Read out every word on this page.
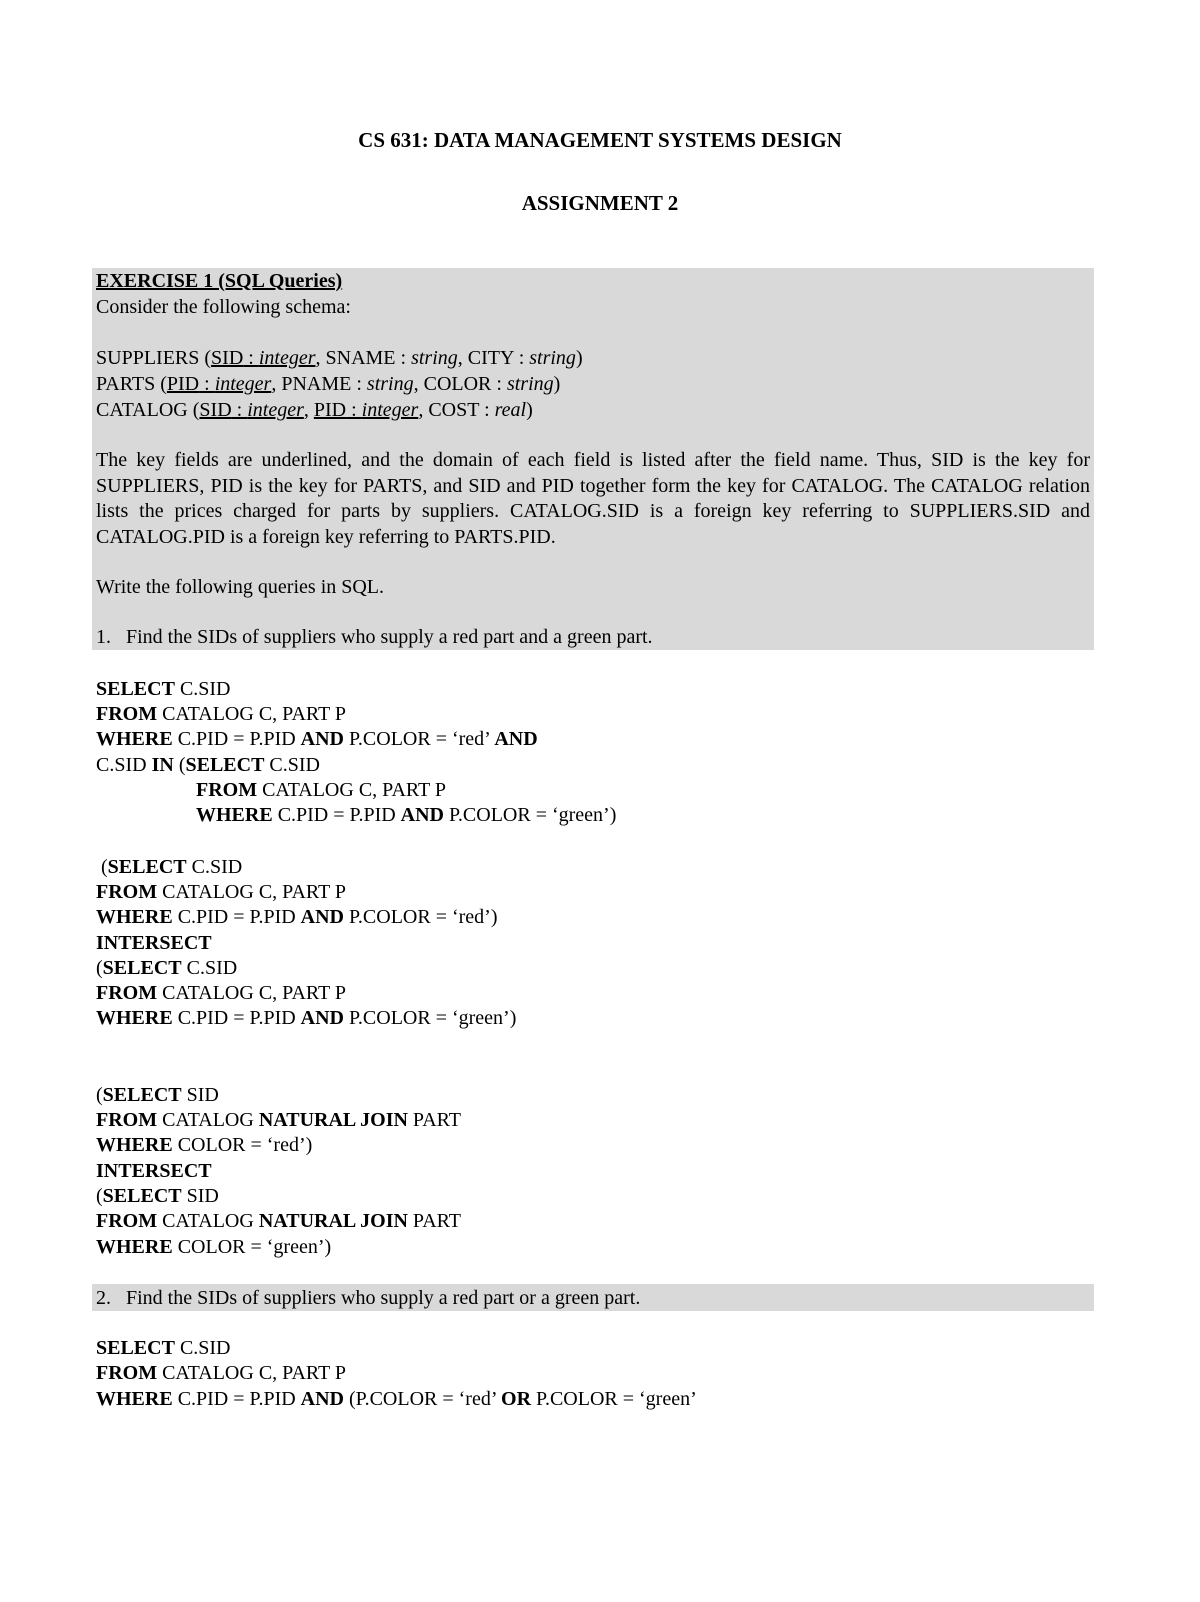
CS 631: DATA MANAGEMENT SYSTEMS DESIGN
ASSIGNMENT 2
EXERCISE 1 (SQL Queries)
Consider the following schema:
SUPPLIERS (SID : integer, SNAME : string, CITY : string)
PARTS (PID : integer, PNAME : string, COLOR : string)
CATALOG (SID : integer, PID : integer, COST : real)
The key fields are underlined, and the domain of each field is listed after the field name. Thus, SID is the key for SUPPLIERS, PID is the key for PARTS, and SID and PID together form the key for CATALOG. The CATALOG relation lists the prices charged for parts by suppliers. CATALOG.SID is a foreign key referring to SUPPLIERS.SID and CATALOG.PID is a foreign key referring to PARTS.PID.
Write the following queries in SQL.
1.   Find the SIDs of suppliers who supply a red part and a green part.
SELECT C.SID
FROM CATALOG C, PART P
WHERE C.PID = P.PID AND P.COLOR = ‘red’ AND
C.SID IN (SELECT C.SID
FROM CATALOG C, PART P
WHERE C.PID = P.PID AND P.COLOR = ‘green’)
(SELECT C.SID
FROM CATALOG C, PART P
WHERE C.PID = P.PID AND P.COLOR = ‘red’)
INTERSECT
(SELECT C.SID
FROM CATALOG C, PART P
WHERE C.PID = P.PID AND P.COLOR = ‘green’)
(SELECT SID
FROM CATALOG NATURAL JOIN PART
WHERE COLOR = ‘red’)
INTERSECT
(SELECT SID
FROM CATALOG NATURAL JOIN PART
WHERE COLOR = ‘green’)
2.   Find the SIDs of suppliers who supply a red part or a green part.
SELECT C.SID
FROM CATALOG C, PART P
WHERE C.PID = P.PID AND (P.COLOR = ‘red’ OR P.COLOR = ‘green’
